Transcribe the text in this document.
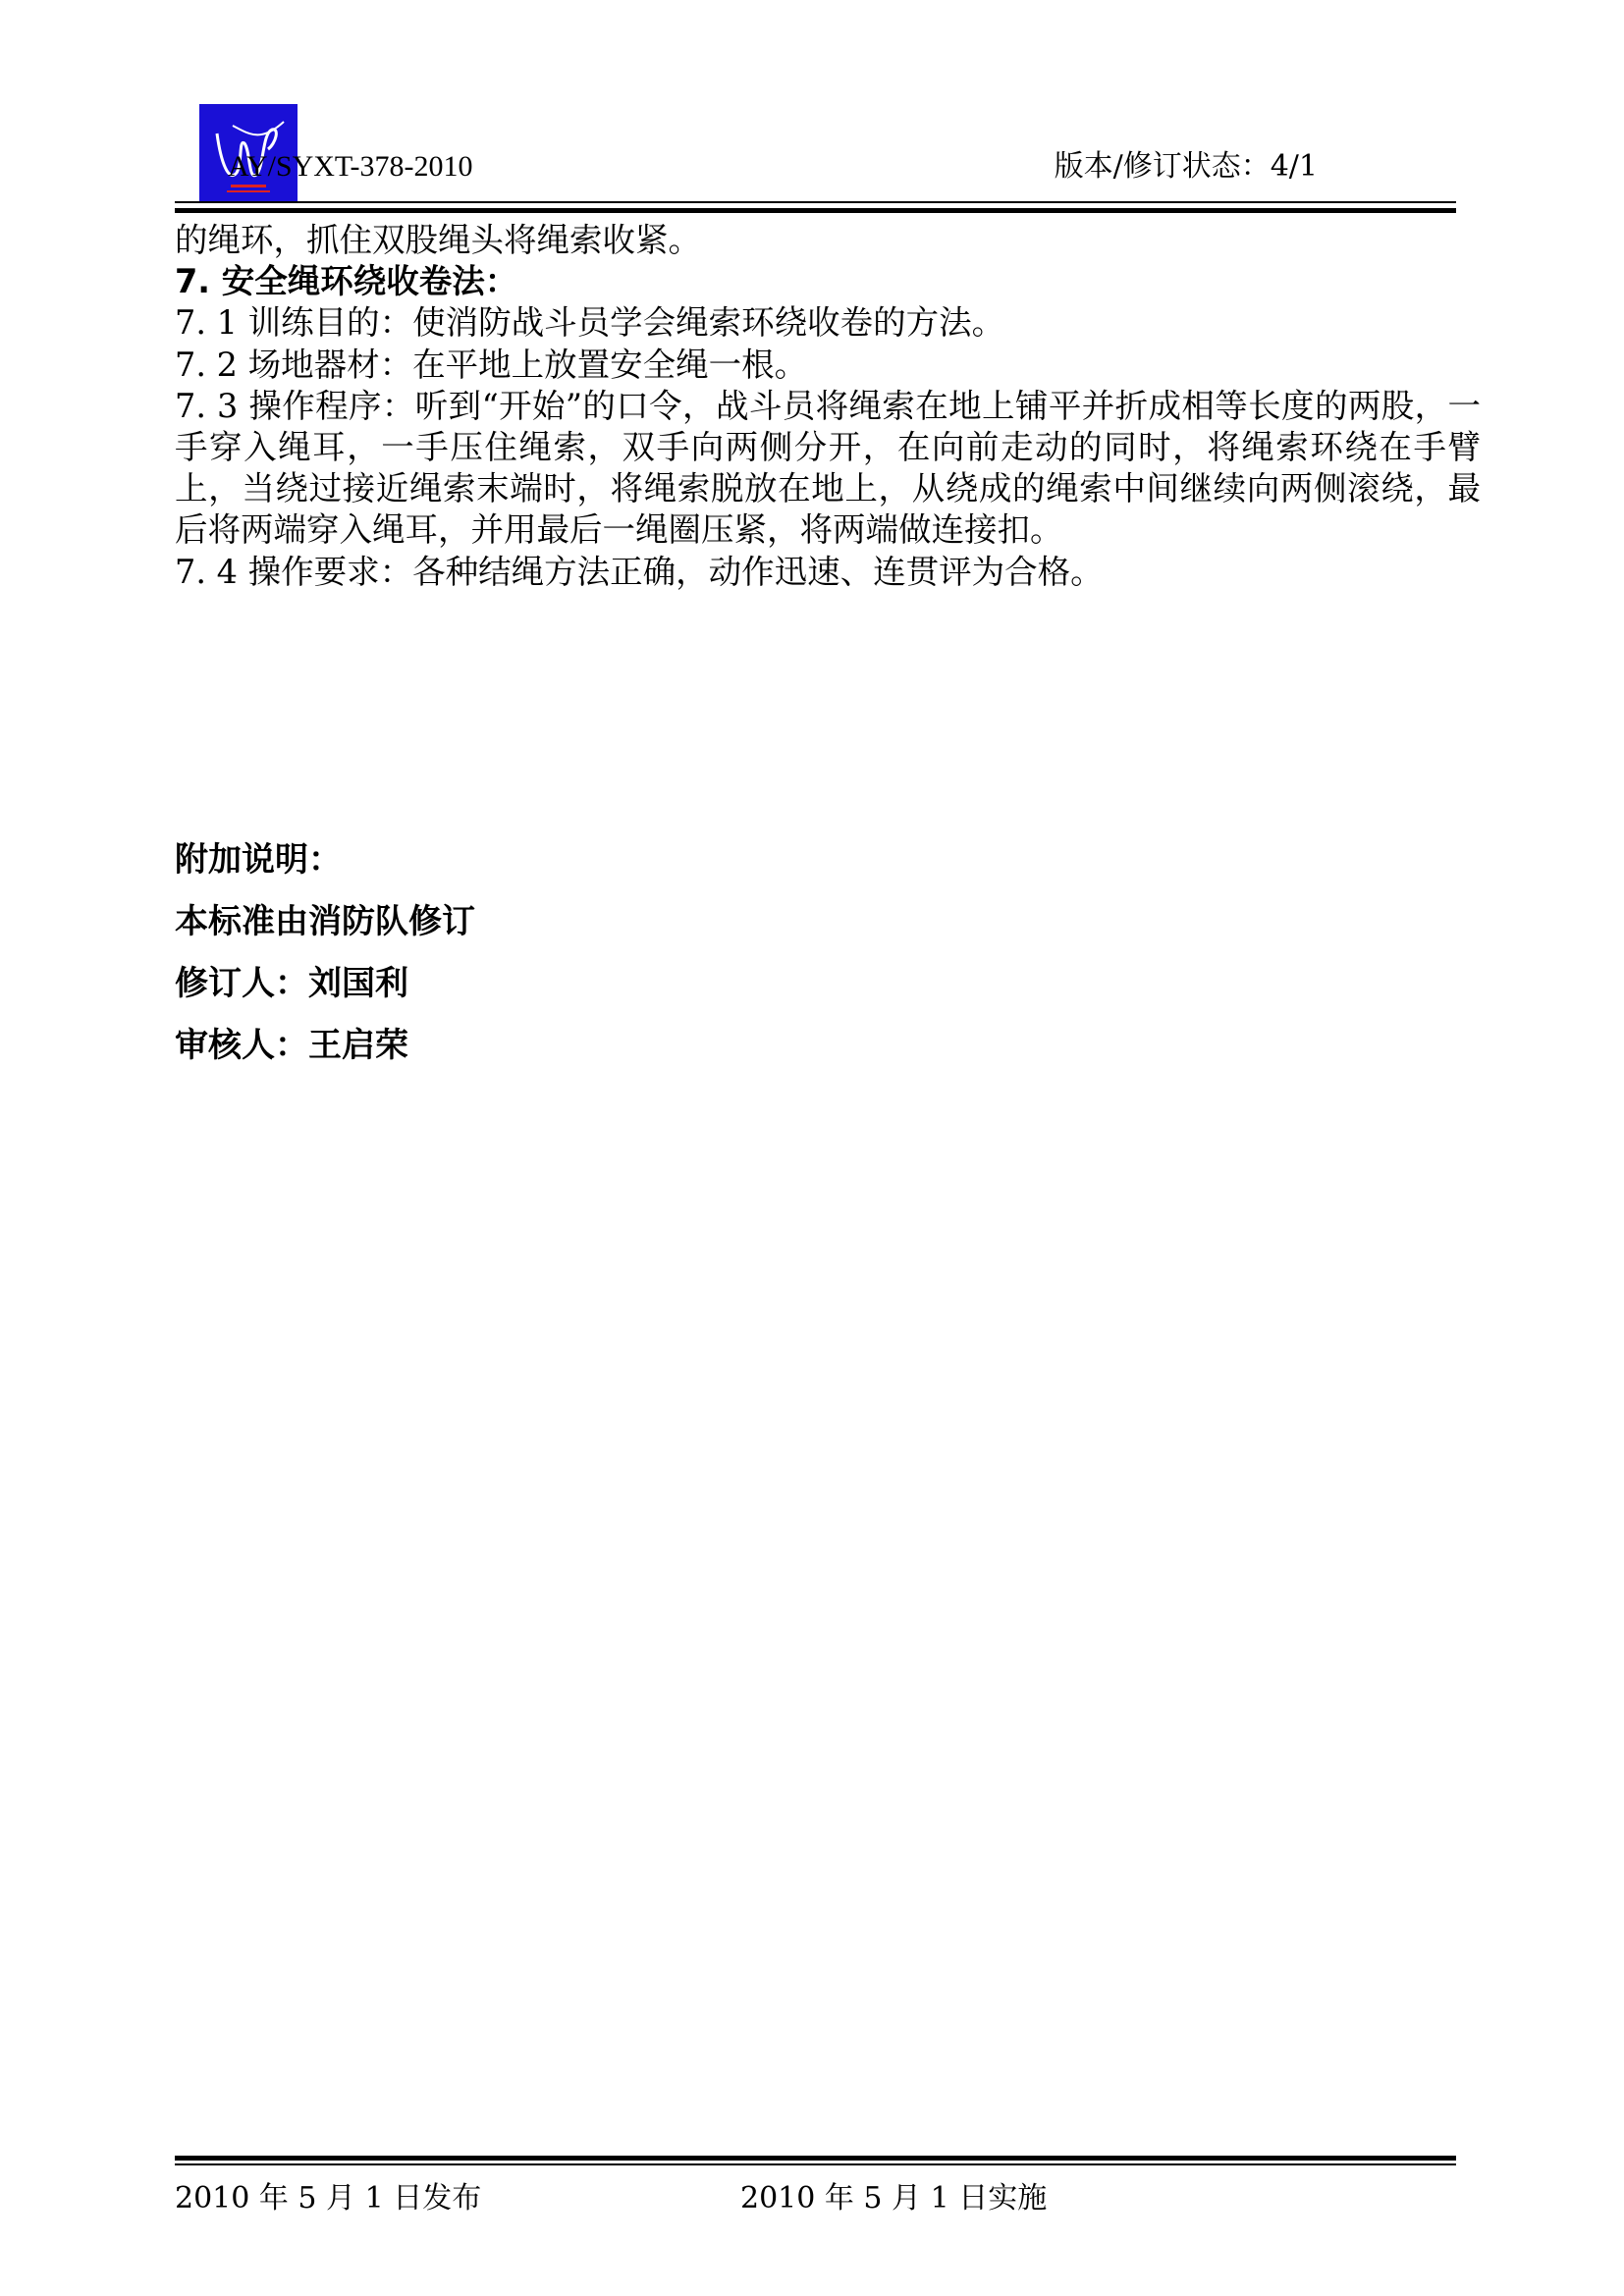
AY/SYXT-378-2010	版本/修订状态：4/1

的绳环，抓住双股绳头将绳索收紧。

7. 安全绳环绕收卷法：

7. 1 训练目的：使消防战斗员学会绳索环绕收卷的方法。

7. 2 场地器材：在平地上放置安全绳一根。

7. 3 操作程序：听到“开始”的口令，战斗员将绳索在地上铺平并折成相等长度的两股，一手穿入绳耳，一手压住绳索，双手向两侧分开，在向前走动的同时，将绳索环绕在手臂上，当绕过接近绳索末端时，将绳索脱放在地上，从绕成的绳索中间继续向两侧滚绕，最后将两端穿入绳耳，并用最后一绳圈压紧，将两端做连接扣。

7. 4 操作要求：各种结绳方法正确，动作迅速、连贯评为合格。

附加说明：

本标准由消防队修订

修订人：刘国利

审核人：王启荣

2010 年 5 月 1 日发布	2010 年 5 月 1 日实施
